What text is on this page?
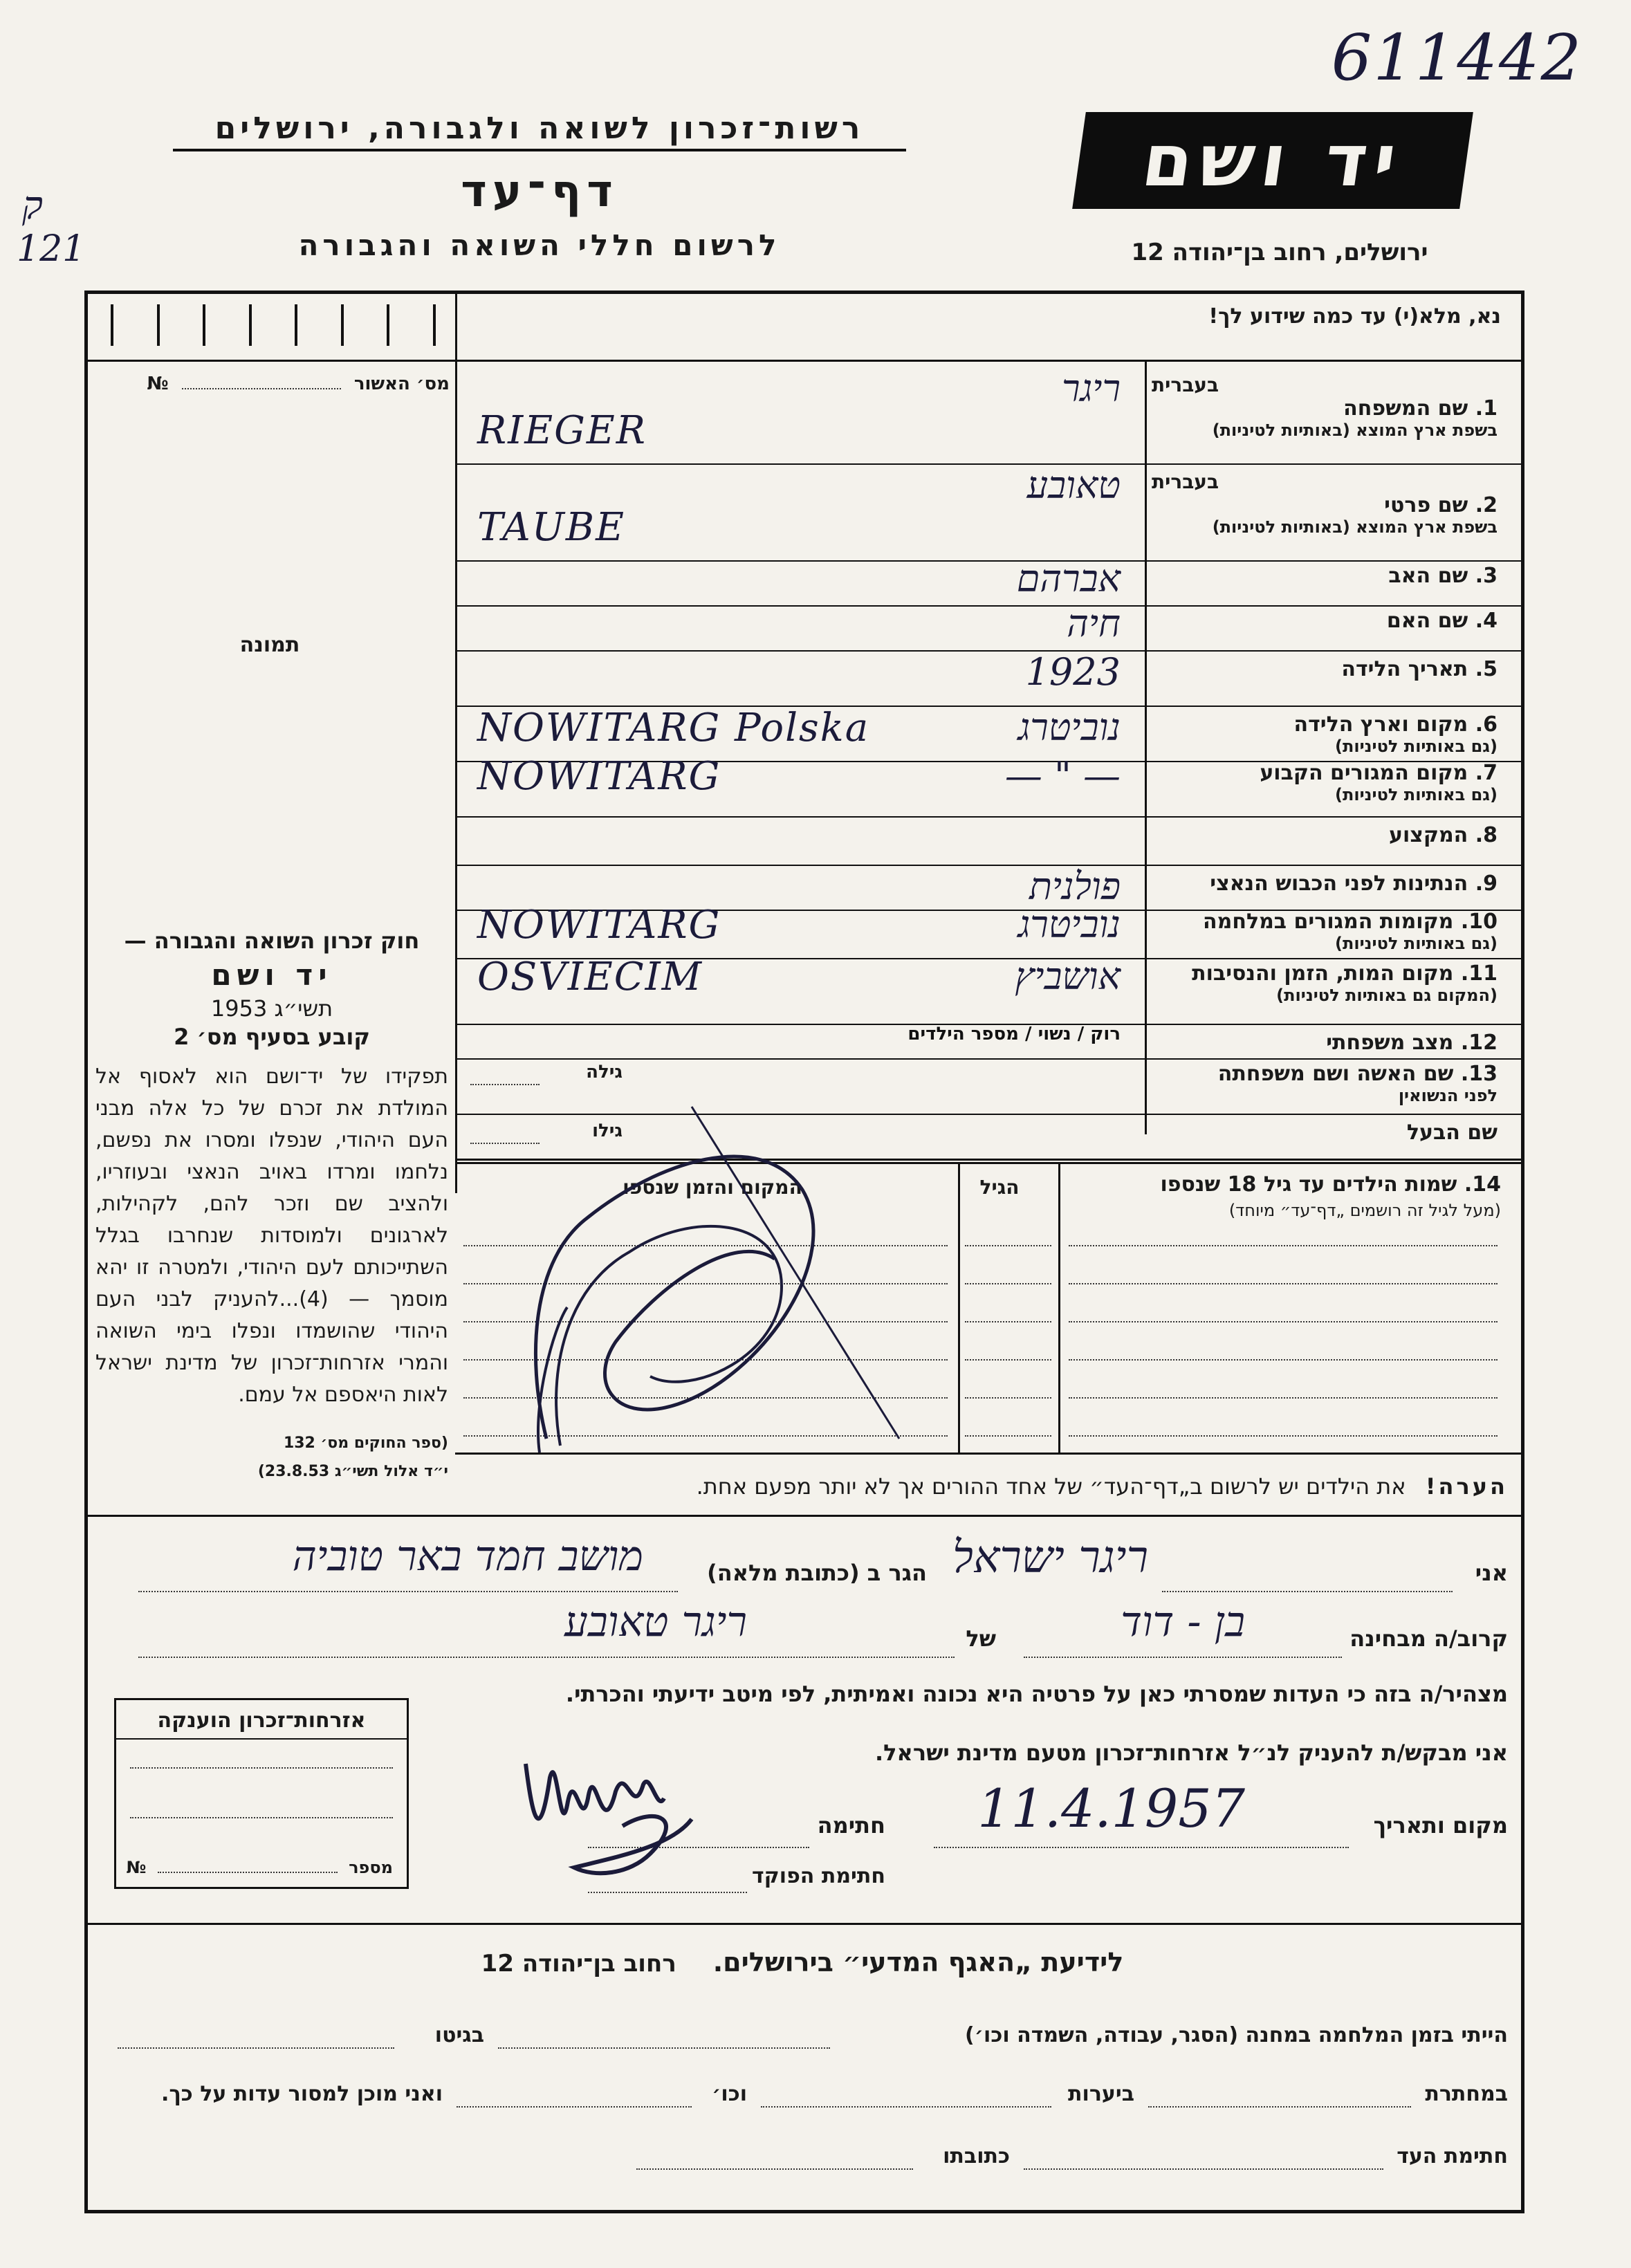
611442
ק
121
רשות־זכרון לשואה ולגבורה, ירושלים
דף־עד
לרשום חללי השואה והגבורה
יד ושם
ירושלים, רחוב בן־יהודה 12
נא, מלא(י) עד כמה שידוע לך!
מס׳ האשור  №
תמונה
בעברית
1. שם המשפחה
בשפת ארץ המוצא (באותיות לטיניות)
ריגר
RIEGER
בעברית
2. שם פרטי
בשפת ארץ המוצא (באותיות לטיניות)
טאובע
TAUBE
3. שם האב
אברהם
4. שם האם
חיה
5. תאריך הלידה
1923
6. מקום וארץ הלידה
(גם באותיות לטיניות)
נוביטרג
NOWITARG Polska
7. מקום המגורים הקבוע
(גם באותיות לטיניות)
— " —
NOWITARG
8. המקצוע
9. הנתינות לפני הכבוש הנאצי
פולנית
10. מקומות המגורים במלחמה
(גם באותיות לטיניות)
נוביטרג
NOWITARG
11. מקום המות, הזמן והנסיבות
(המקום גם באותיות לטיניות)
אושביץ
OSVIECIM
12. מצב משפחתי
רוק / נשוי / מספר הילדים
13. שם האשה ושם משפחתה
לפני הנשואין
גילה
שם הבעל
גילו
חוק זכרון השואה והגבורה —
יד ושם
תשי״ג 1953
קובע בסעיף מס׳ 2
תפקידו של יד־ושם הוא לאסוף אל המולדת את זכרם של כל אלה מבני העם היהודי, שנפלו ומסרו את נפשם, נלחמו ומרדו באויב הנאצי ובעוזריו, ולהציב שם וזכר להם, לקהילות, לארגונים ולמוסדות שנחרבו בגלל השתייכותם לעם היהודי, ולמטרה זו יהא מוסמך — (4)...להעניק לבני העם היהודי שהושמדו ונפלו בימי השואה והמרי אזרחות־זכרון של מדינת ישראל לאות היאספם אל עמם.
(ספר החוקים מס׳ 132
י״ד אלול תשי״ג 23.8.53)
14. שמות הילדים עד גיל 18 שנספו
(מעל לגיל זה רושמים „דף־עד״ מיוחד)
הגיל
המקום והזמן שנספו
הערה! את הילדים יש לרשום ב„דף־העד״ של אחד ההורים אך לא יותר מפעם אחת.
אני
ריגר ישראל
הגר ב (כתובת מלאה)
מושב חמד באר טוביה
קרוב/ה מבחינה
בן - דוד
של
ריגר טאובע
מצהיר/ה בזה כי העדות שמסרתי כאן על פרטיה היא נכונה ואמיתית, לפי מיטב ידיעתי והכרתי.
אני מבקש/ת להעניק לנ״ל אזרחות־זכרון מטעם מדינת ישראל.
מקום ותאריך
11.4.1957
חתימה
חתימת הפוקד
אזרחות־זכרון הוענקה
מספר  №
לידיעת „האגף המדעי״ בירושלים.    רחוב בן־יהודה 12
הייתי בזמן המלחמה במחנה (הסגר, עבודה, השמדה וכו׳)
בגיטו
במחתרת
ביערות
וכו׳
ואני מוכן למסור עדות על כך.
חתימת העד
כתובתו
